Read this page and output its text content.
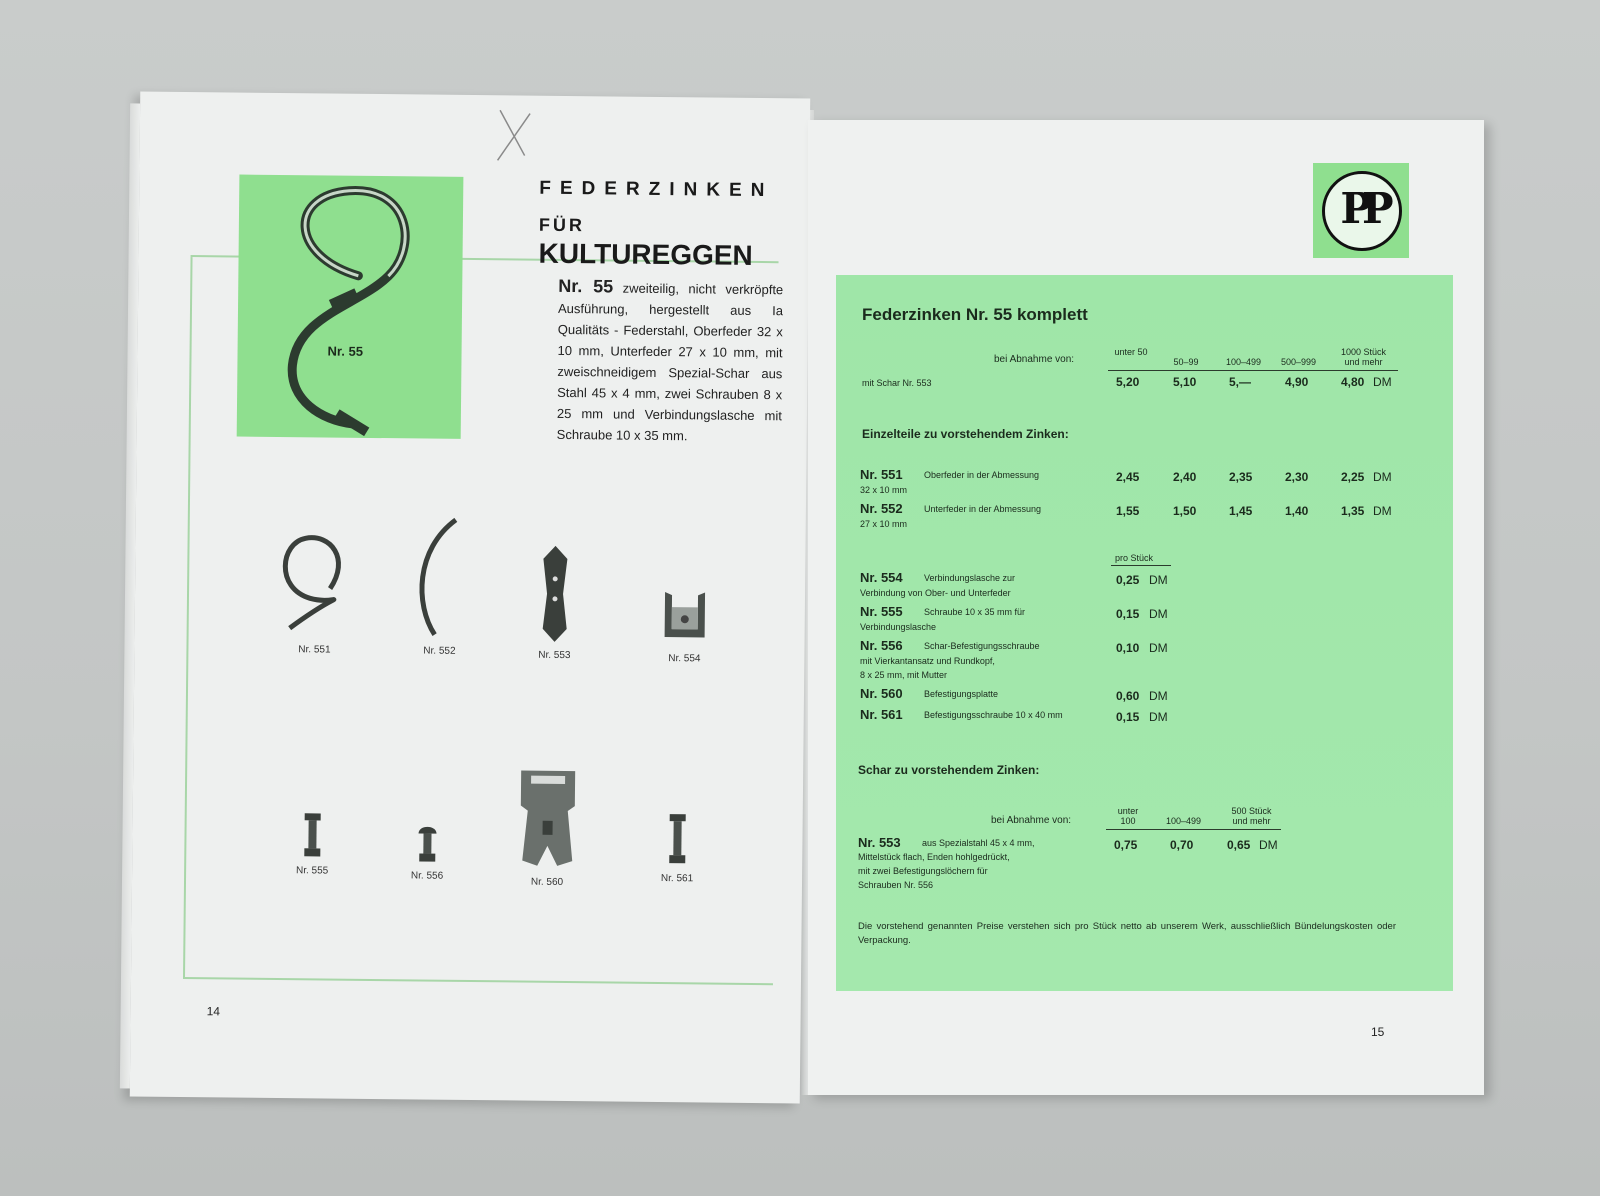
Nr. 55
FEDERZINKEN
FÜR KULTUREGGEN
Nr. 55 zweiteilig, nicht verkröpfte Ausführung, hergestellt aus Ia Qualitäts - Federstahl, Oberfeder 32 x 10 mm, Unterfeder 27 x 10 mm, mit zweischneidigem Spezial-Schar aus Stahl 45 x 4 mm, zwei Schrauben 8 x 25 mm und Verbindungslasche mit Schraube 10 x 35 mm.
Nr. 551	Nr. 552	Nr. 553	Nr. 554
Nr. 555	Nr. 556
Nr. 560	Nr. 561
14
PP
Federzinken Nr. 55 komplett
bei Abnahme von:
unter 50
50–99	100–499	500–999
1000 Stück und mehr
mit Schar Nr. 553	5,20	5,10	5,—	4,90	4,80 DM
Einzelteile zu vorstehendem Zinken:
Nr. 551 Oberfeder in der Abmessung
32 x 10 mm
2,45	2,40	2,35	2,30	2,25 DM
Nr. 552 Unterfeder in der Abmessung
27 x 10 mm
1,55	1,50	1,45	1,40	1,35 DM
pro Stück
Nr. 554 Verbindungslasche zur
Verbindung von Ober- und Unterfeder
0,25 DM
Nr. 555 Schraube 10 x 35 mm für
Verbindungslasche
0,15 DM
Nr. 556 Schar-Befestigungsschraube
mit Vierkantansatz und Rundkopf,
8 x 25 mm, mit Mutter
0,10 DM
Nr. 560 Befestigungsplatte	0,60 DM
Nr. 561 Befestigungsschraube 10 x 40 mm	0,15 DM
Schar zu vorstehendem Zinken:
bei Abnahme von:
unter 100	100–499
500 Stück und mehr
Nr. 553 aus Spezialstahl 45 x 4 mm,
Mittelstück flach, Enden hohlgedrückt,
mit zwei Befestigungslöchern für
Schrauben Nr. 556
0,75	0,70	0,65 DM
Die vorstehend genannten Preise verstehen sich pro Stück netto ab unserem Werk, ausschließlich Bündelungskosten oder Verpackung.
15
